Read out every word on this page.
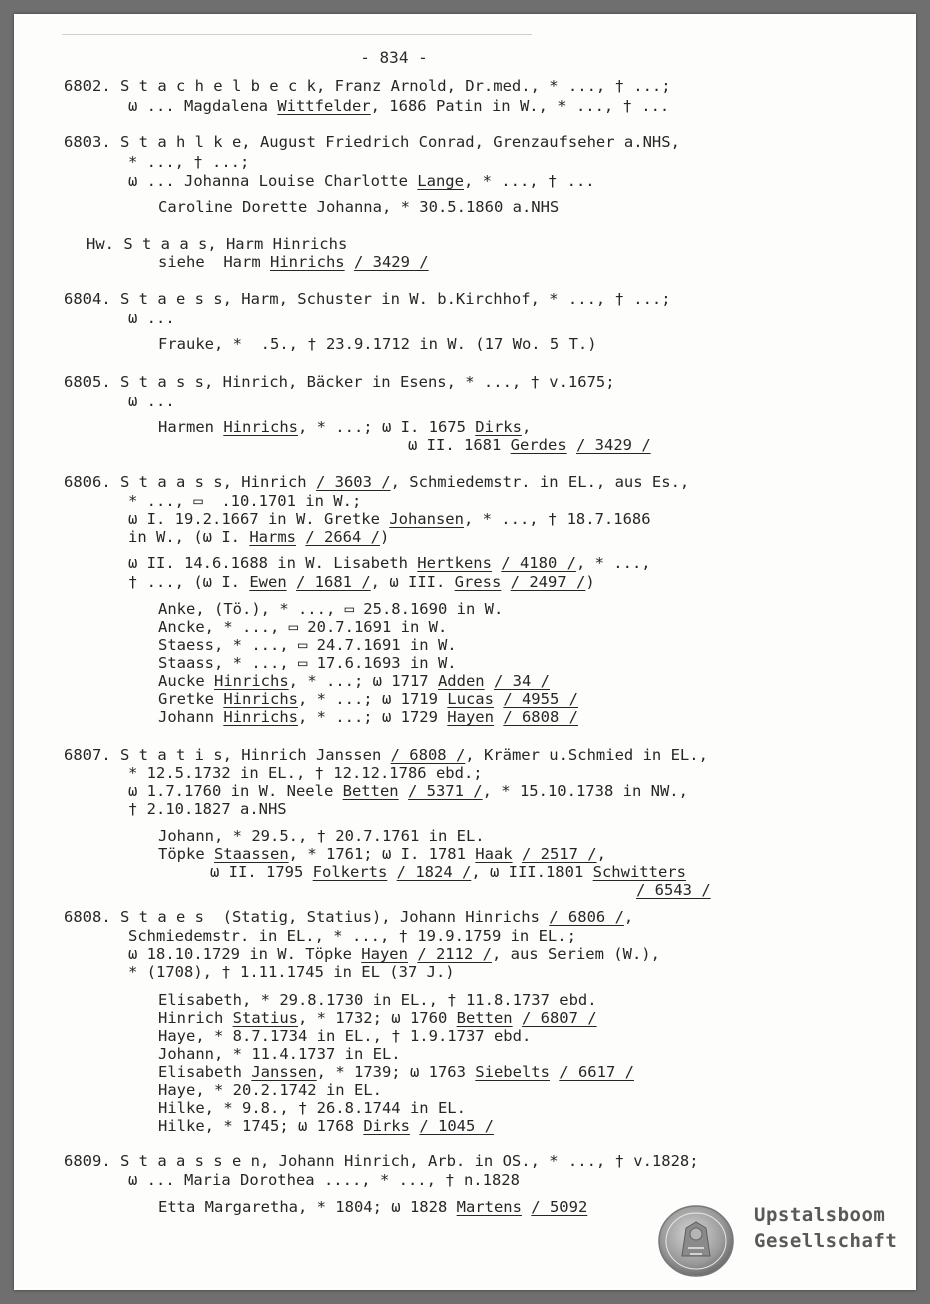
- 834 -
6802. S t a c h e l b e c k, Franz Arnold, Dr.med., * ..., † ...;
ω ... Magdalena Wittfelder, 1686 Patin in W., * ..., † ...
6803. S t a h l k e, August Friedrich Conrad, Grenzaufseher a.NHS,
* ..., † ...;
ω ... Johanna Louise Charlotte Lange, * ..., † ...
Caroline Dorette Johanna, * 30.5.1860 a.NHS
Hw. S t a a s, Harm Hinrichs
siehe  Harm Hinrichs / 3429 /
6804. S t a e s s, Harm, Schuster in W. b.Kirchhof, * ..., † ...;
ω ...
Frauke, *  .5., † 23.9.1712 in W. (17 Wo. 5 T.)
6805. S t a s s, Hinrich, Bäcker in Esens, * ..., † v.1675;
ω ...
Harmen Hinrichs, * ...; ω I. 1675 Dirks,
ω II. 1681 Gerdes / 3429 /
6806. S t a a s s, Hinrich / 3603 /, Schmiedemstr. in EL., aus Es.,
* ..., ▭  .10.1701 in W.;
ω I. 19.2.1667 in W. Gretke Johansen, * ..., † 18.7.1686
in W., (ω I. Harms / 2664 /)
ω II. 14.6.1688 in W. Lisabeth Hertkens / 4180 /, * ...,
† ..., (ω I. Ewen / 1681 /, ω III. Gress / 2497 /)
Anke, (Tö.), * ..., ▭ 25.8.1690 in W.
Ancke, * ..., ▭ 20.7.1691 in W.
Staess, * ..., ▭ 24.7.1691 in W.
Staass, * ..., ▭ 17.6.1693 in W.
Aucke Hinrichs, * ...; ω 1717 Adden / 34 /
Gretke Hinrichs, * ...; ω 1719 Lucas / 4955 /
Johann Hinrichs, * ...; ω 1729 Hayen / 6808 /
6807. S t a t i s, Hinrich Janssen / 6808 /, Krämer u.Schmied in EL.,
* 12.5.1732 in EL., † 12.12.1786 ebd.;
ω 1.7.1760 in W. Neele Betten / 5371 /, * 15.10.1738 in NW.,
† 2.10.1827 a.NHS
Johann, * 29.5., † 20.7.1761 in EL.
Töpke Staassen, * 1761; ω I. 1781 Haak / 2517 /,
ω II. 1795 Folkerts / 1824 /, ω III.1801 Schwitters
/ 6543 /
6808. S t a e s  (Statig, Statius), Johann Hinrichs / 6806 /,
Schmiedemstr. in EL., * ..., † 19.9.1759 in EL.;
ω 18.10.1729 in W. Töpke Hayen / 2112 /, aus Seriem (W.),
* (1708), † 1.11.1745 in EL (37 J.)
Elisabeth, * 29.8.1730 in EL., † 11.8.1737 ebd.
Hinrich Statius, * 1732; ω 1760 Betten / 6807 /
Haye, * 8.7.1734 in EL., † 1.9.1737 ebd.
Johann, * 11.4.1737 in EL.
Elisabeth Janssen, * 1739; ω 1763 Siebelts / 6617 /
Haye, * 20.2.1742 in EL.
Hilke, * 9.8., † 26.8.1744 in EL.
Hilke, * 1745; ω 1768 Dirks / 1045 /
6809. S t a a s s e n, Johann Hinrich, Arb. in OS., * ..., † v.1828;
ω ... Maria Dorothea ...., * ..., † n.1828
Etta Margaretha, * 1804; ω 1828 Martens / 5092	Upstalsboom
Gesellschaft
